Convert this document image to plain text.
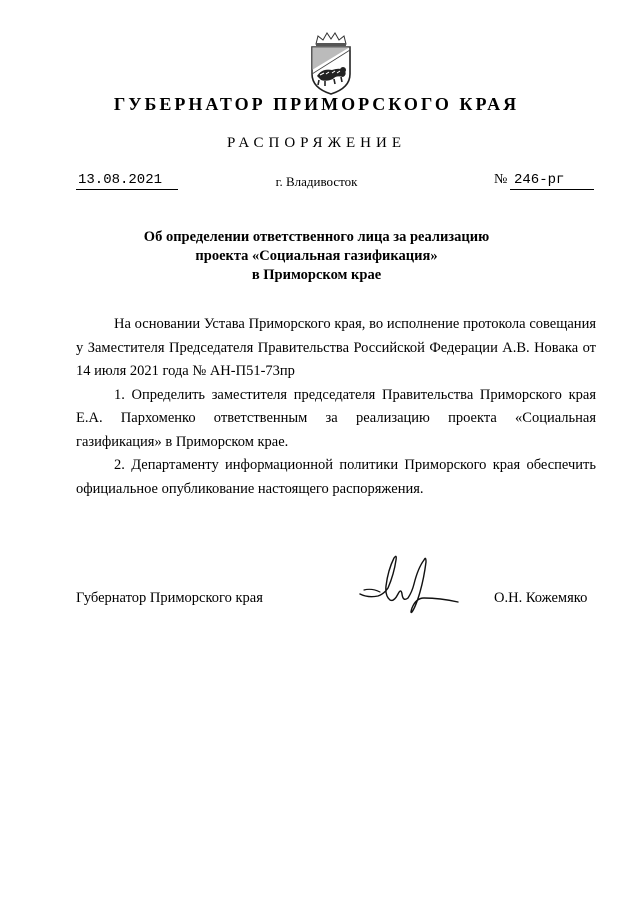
ГУБЕРНАТОР ПРИМОРСКОГО КРАЯ
РАСПОРЯЖЕНИЕ
13.08.2021	г. Владивосток	№ 246-рг
Об определении ответственного лица за реализацию
проекта «Социальная газификация»
в Приморском крае

На основании Устава Приморского края, во исполнение протокола совещания у Заместителя Председателя Правительства Российской Федерации А.В. Новака от 14 июля 2021 года № АН-П51-73пр

1. Определить заместителя председателя Правительства Приморского края Е.А. Пархоменко ответственным за реализацию проекта «Социальная газификация» в Приморском крае.

2. Департаменту информационной политики Приморского края обеспечить официальное опубликование настоящего распоряжения.

Губернатор Приморского края	О.Н. Кожемяко
